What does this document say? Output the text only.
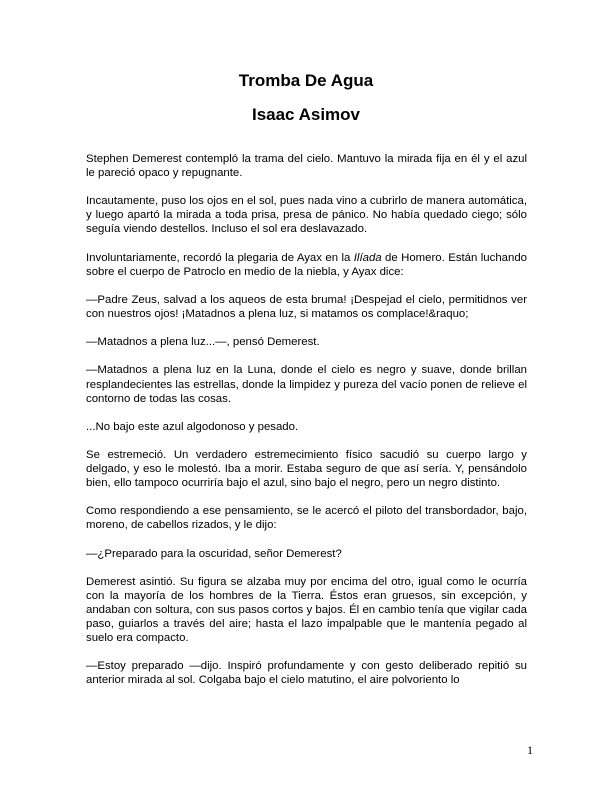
Tromba De Agua
Isaac Asimov

Stephen Demerest contempló la trama del cielo. Mantuvo la mirada fija en él y el azul le pareció opaco y repugnante.

Incautamente, puso los ojos en el sol, pues nada vino a cubrirlo de manera automática, y luego apartó la mirada a toda prisa, presa de pánico. No había quedado ciego; sólo seguía viendo destellos. Incluso el sol era deslavazado.

Involuntariamente, recordó la plegaria de Ayax en la Ilíada de Homero. Están luchando sobre el cuerpo de Patroclo en medio de la niebla, y Ayax dice:

—Padre Zeus, salvad a los aqueos de esta bruma! ¡Despejad el cielo, permitidnos ver con nuestros ojos! ¡Matadnos a plena luz, si matamos os complace!&raquo;

—Matadnos a plena luz...—, pensó Demerest.

—Matadnos a plena luz en la Luna, donde el cielo es negro y suave, donde brillan resplandecientes las estrellas, donde la limpidez y pureza del vacío ponen de relieve el contorno de todas las cosas.

...No bajo este azul algodonoso y pesado.

Se estremeció. Un verdadero estremecimiento físico sacudió su cuerpo largo y delgado, y eso le molestó. Iba a morir. Estaba seguro de que así sería. Y, pensándolo bien, ello tampoco ocurriría bajo el azul, sino bajo el negro, pero un negro distinto.

Como respondiendo a ese pensamiento, se le acercó el piloto del transbordador, bajo, moreno, de cabellos rizados, y le dijo:

—¿Preparado para la oscuridad, señor Demerest?

Demerest asintió. Su figura se alzaba muy por encima del otro, igual como le ocurría con la mayoría de los hombres de la Tierra. Éstos eran gruesos, sin excepción, y andaban con soltura, con sus pasos cortos y bajos. Él en cambio tenía que vigilar cada paso, guiarlos a través del aire; hasta el lazo impalpable que le mantenía pegado al suelo era compacto.

—Estoy preparado —dijo. Inspiró profundamente y con gesto deliberado repitió su anterior mirada al sol. Colgaba bajo el cielo matutino, el aire polvoriento lo

1
